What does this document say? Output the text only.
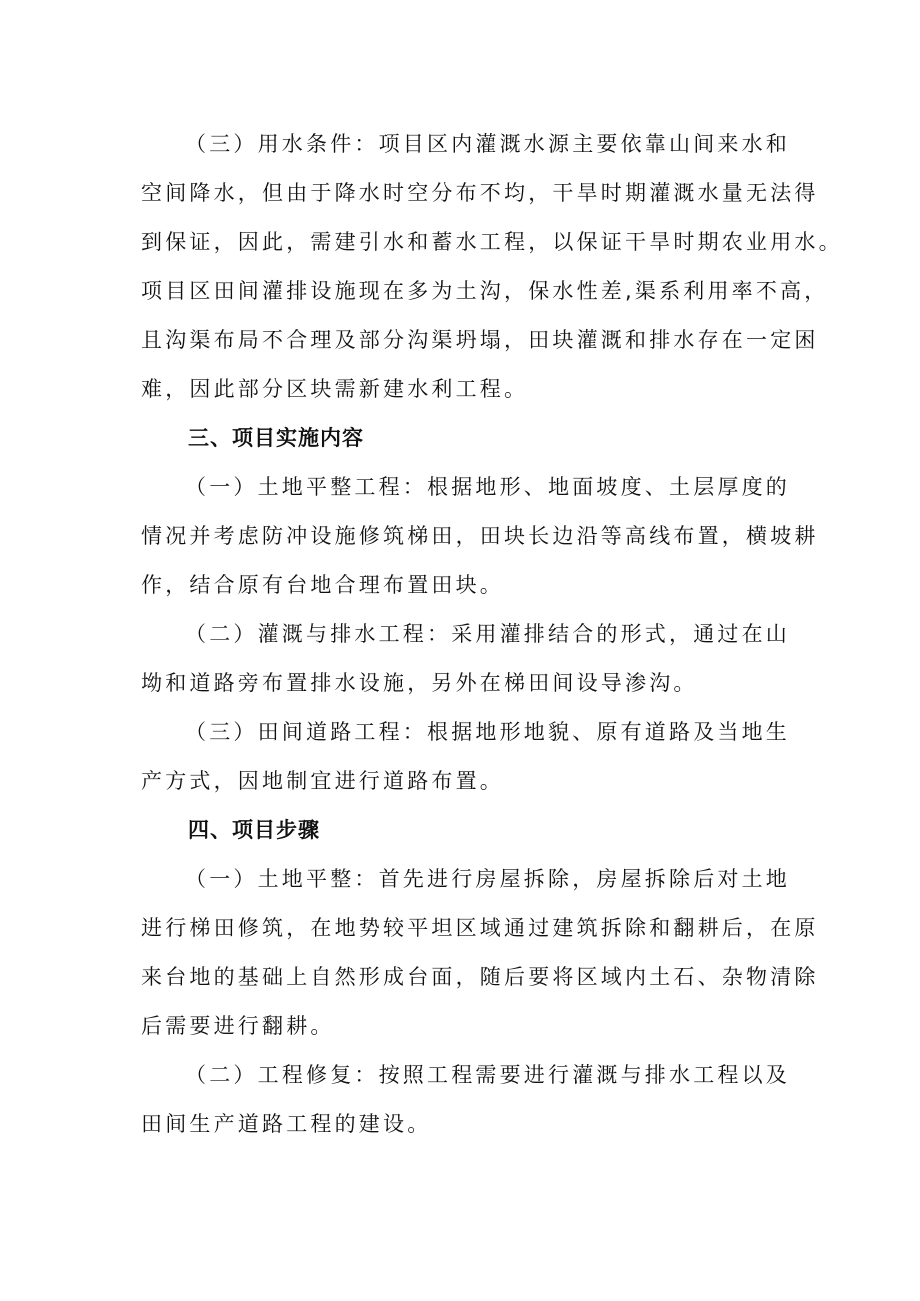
（三）用水条件：项目区内灌溉水源主要依靠山间来水和
空间降水，但由于降水时空分布不均，干旱时期灌溉水量无法得
到保证，因此，需建引水和蓄水工程，以保证干旱时期农业用水。
项目区田间灌排设施现在多为土沟，保水性差,渠系利用率不高，
且沟渠布局不合理及部分沟渠坍塌，田块灌溉和排水存在一定困
难，因此部分区块需新建水利工程。
三、项目实施内容
（一）土地平整工程：根据地形、地面坡度、土层厚度的
情况并考虑防冲设施修筑梯田，田块长边沿等高线布置，横坡耕
作，结合原有台地合理布置田块。
（二）灌溉与排水工程：采用灌排结合的形式，通过在山
坳和道路旁布置排水设施，另外在梯田间设导渗沟。
（三）田间道路工程：根据地形地貌、原有道路及当地生
产方式，因地制宜进行道路布置。
四、项目步骤
（一）土地平整：首先进行房屋拆除，房屋拆除后对土地
进行梯田修筑，在地势较平坦区域通过建筑拆除和翻耕后，在原
来台地的基础上自然形成台面，随后要将区域内土石、杂物清除
后需要进行翻耕。
（二）工程修复：按照工程需要进行灌溉与排水工程以及
田间生产道路工程的建设。
